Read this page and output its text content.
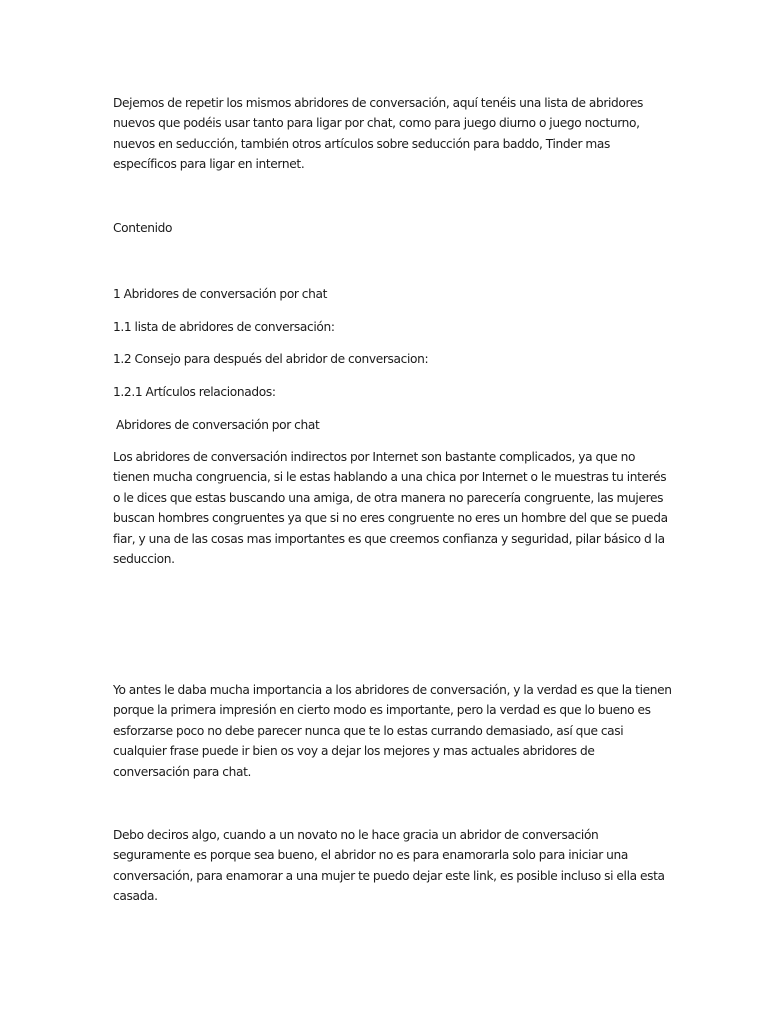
Dejemos de repetir los mismos abridores de conversación, aquí tenéis una lista de abridores nuevos que podéis usar tanto para ligar por chat, como para juego diurno o juego nocturno, nuevos en seducción, también otros artículos sobre seducción para baddo, Tinder mas específicos para ligar en internet.

Contenido

1 Abridores de conversación por chat

1.1 lista de abridores de conversación:

1.2 Consejo para después del abridor de conversacion:

1.2.1 Artículos relacionados:

Abridores de conversación por chat

Los abridores de conversación indirectos por Internet son bastante complicados, ya que no tienen mucha congruencia, si le estas hablando a una chica por Internet o le muestras tu interés o le dices que estas buscando una amiga, de otra manera no parecería congruente, las mujeres buscan hombres congruentes ya que si no eres congruente no eres un hombre del que se pueda fiar, y una de las cosas mas importantes es que creemos confianza y seguridad, pilar básico d la seduccion.

Yo antes le daba mucha importancia a los abridores de conversación, y la verdad es que la tienen porque la primera impresión en cierto modo es importante, pero la verdad es que lo bueno es esforzarse poco no debe parecer nunca que te lo estas currando demasiado, así que casi cualquier frase puede ir bien os voy a dejar los mejores y mas actuales abridores de conversación para chat.

Debo deciros algo, cuando a un novato no le hace gracia un abridor de conversación seguramente es porque sea bueno, el abridor no es para enamorarla solo para iniciar una conversación, para enamorar a una mujer te puedo dejar este link, es posible incluso si ella esta casada.
